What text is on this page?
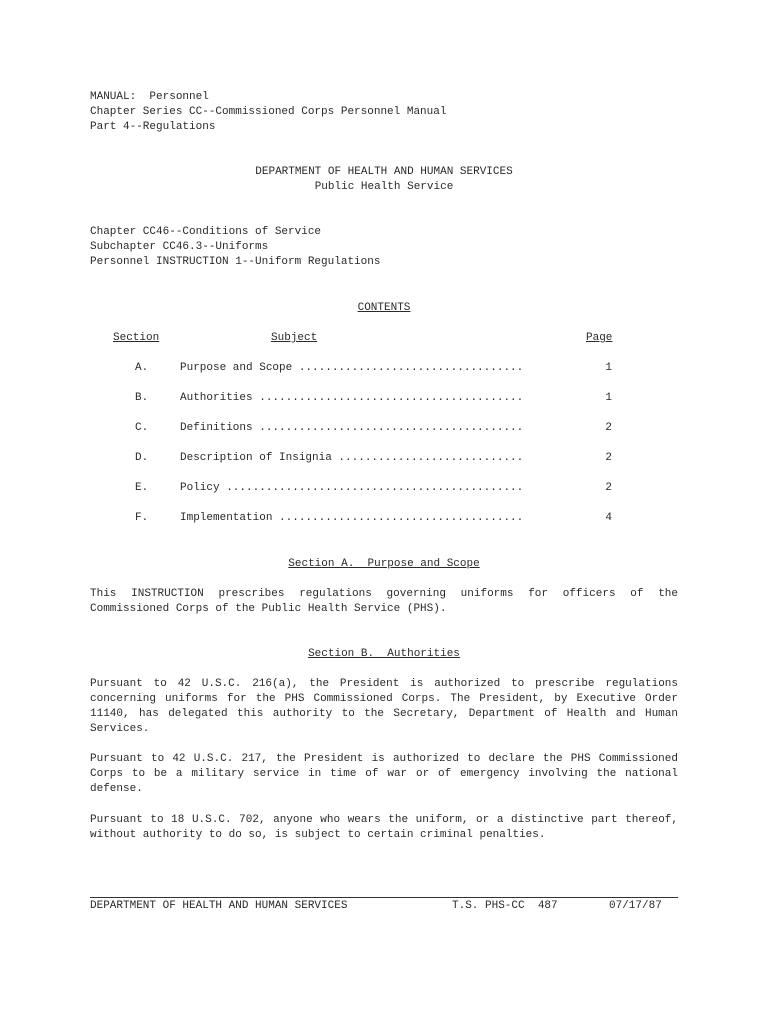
MANUAL:  Personnel
Chapter Series CC--Commissioned Corps Personnel Manual
Part 4--Regulations
DEPARTMENT OF HEALTH AND HUMAN SERVICES
Public Health Service
Chapter CC46--Conditions of Service
Subchapter CC46.3--Uniforms
Personnel INSTRUCTION 1--Uniform Regulations
CONTENTS
Section	Subject	Page
A.	Purpose and Scope ..................................	1
B.	Authorities ........................................	1
C.	Definitions ........................................	2
D.	Description of Insignia ............................	2
E.	Policy .............................................	2
F.	Implementation .....................................	4
Section A.  Purpose and Scope
This INSTRUCTION prescribes regulations governing uniforms for officers of the Commissioned Corps of the Public Health Service (PHS).
Section B.  Authorities
Pursuant to 42 U.S.C. 216(a), the President is authorized to prescribe regulations concerning uniforms for the PHS Commissioned Corps. The President, by Executive Order 11140, has delegated this authority to the Secretary, Department of Health and Human Services.
Pursuant to 42 U.S.C. 217, the President is authorized to declare the PHS Commissioned Corps to be a military service in time of war or of emergency involving the national defense.
Pursuant to 18 U.S.C. 702, anyone who wears the uniform, or a distinctive part thereof, without authority to do so, is subject to certain criminal penalties.
DEPARTMENT OF HEALTH AND HUMAN SERVICES	T.S. PHS-CC  487	07/17/87
